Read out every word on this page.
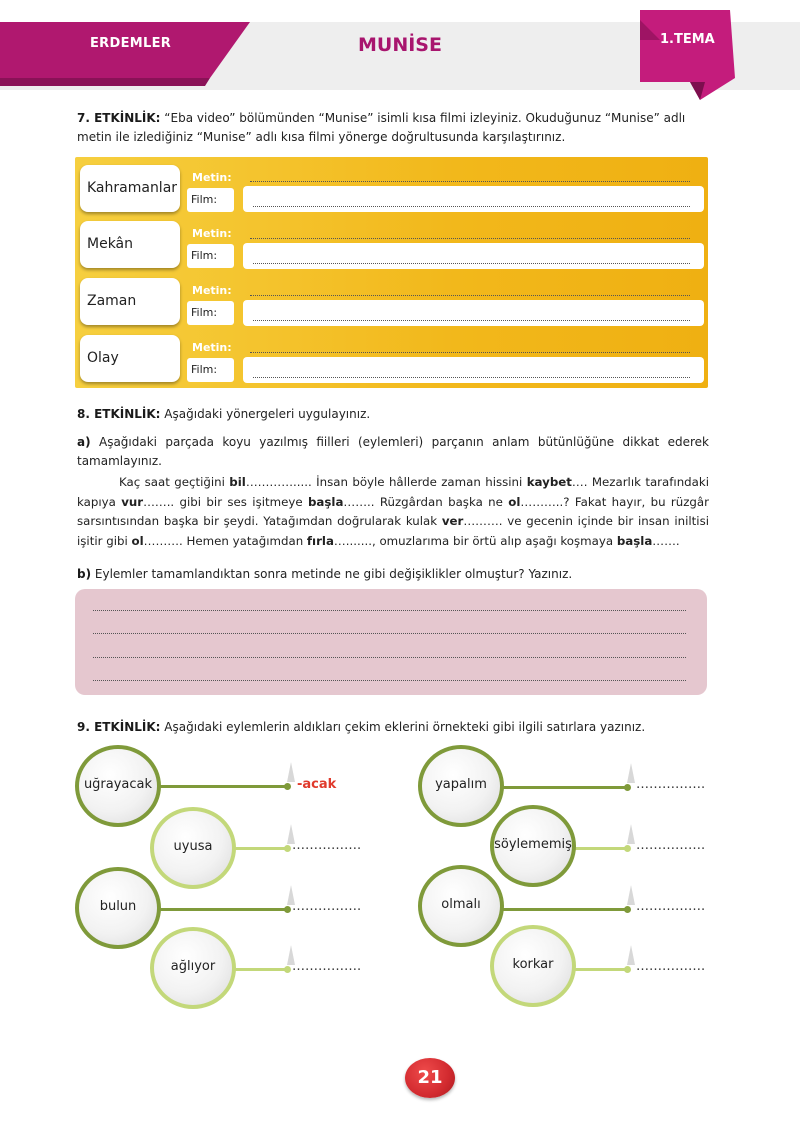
ERDEMLER	MUNİSE	1.TEMA
7. ETKİNLİK: “Eba video” bölümünden “Munise” isimli kısa filmi izleyiniz. Okuduğunuz “Munise” adlı metin ile izlediğiniz “Munise” adlı kısa filmi yönerge doğrultusunda karşılaştırınız.
Kahramanlar
Metin:
Film:
Mekân
Metin:
Film:
Zaman
Metin:
Film:
Olay
Metin:
Film:
8. ETKİNLİK: Aşağıdaki yönergeleri uygulayınız.
a) Aşağıdaki parçada koyu yazılmış fiilleri (eylemleri) parçanın anlam bütünlüğüne dikkat ederek tamamlayınız.
Kaç saat geçtiğini bil…………..... İnsan böyle hâllerde zaman hissini kaybet…. Mezarlık tarafındaki kapıya vur…….. gibi bir ses işitmeye başla…….. Rüzgârdan başka ne ol………..? Fakat hayır, bu rüzgâr sarsıntısından başka bir şeydi. Yatağımdan doğrularak kulak ver………. ve gecenin içinde bir insan iniltisi işitir gibi ol………. Hemen yatağımdan fırla…......., omuzlarıma bir örtü alıp aşağı koşmaya başla…….
b) Eylemler tamamlandıktan sonra metinde ne gibi değişiklikler olmuştur? Yazınız.
9. ETKİNLİK: Aşağıdaki eylemlerin aldıkları çekim eklerini örnekteki gibi ilgili satırlara yazınız.
-acak
uğrayacak
…………….
uyusa
…………….
bulun
…………….
ağlıyor
…………….
yapalım
…………….
söylememiş
…………….
olmalı
…………….
korkar
21
